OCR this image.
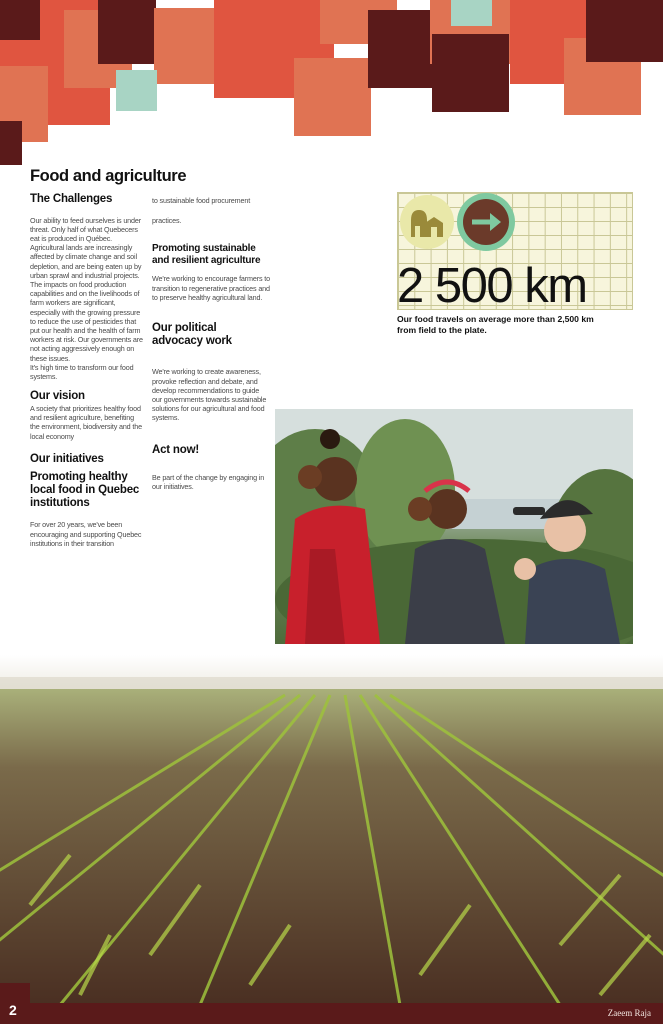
Food and agriculture
The Challenges
Our ability to feed ourselves is under threat. Only half of what Quebecers eat is produced in Québec. Agricultural lands are increasingly affected by climate change and soil depletion, and are being eaten up by urban sprawl and industrial projects. The impacts on food production capabilities and on the livelihoods of farm workers are significant, especially with the growing pressure to reduce the use of pesticides that put our health and the health of farm workers at risk. Our governments are not acting aggressively enough on these issues.
It's high time to transform our food systems.
Our vision
A society that prioritizes healthy food and resilient agriculture, benefiting the environment, biodiversity and the local economy
Our initiatives
Promoting healthy local food in Quebec institutions
For over 20 years, we've been encouraging and supporting Quebec institutions in their transition
to sustainable food procurement
practices.
Promoting sustainable and resilient agriculture
We're working to encourage farmers to transition to regenerative practices and to preserve healthy agricultural land.
Our political advocacy work
We're working to create awareness, provoke reflection and debate, and develop recommendations to guide our governments towards sustainable solutions for our agricultural and food systems.
Act now!
Be part of the change by engaging in our initiatives.
2 500 km
Our food travels on average more than 2,500 km from field to the plate.
2	Zaeem Raja
